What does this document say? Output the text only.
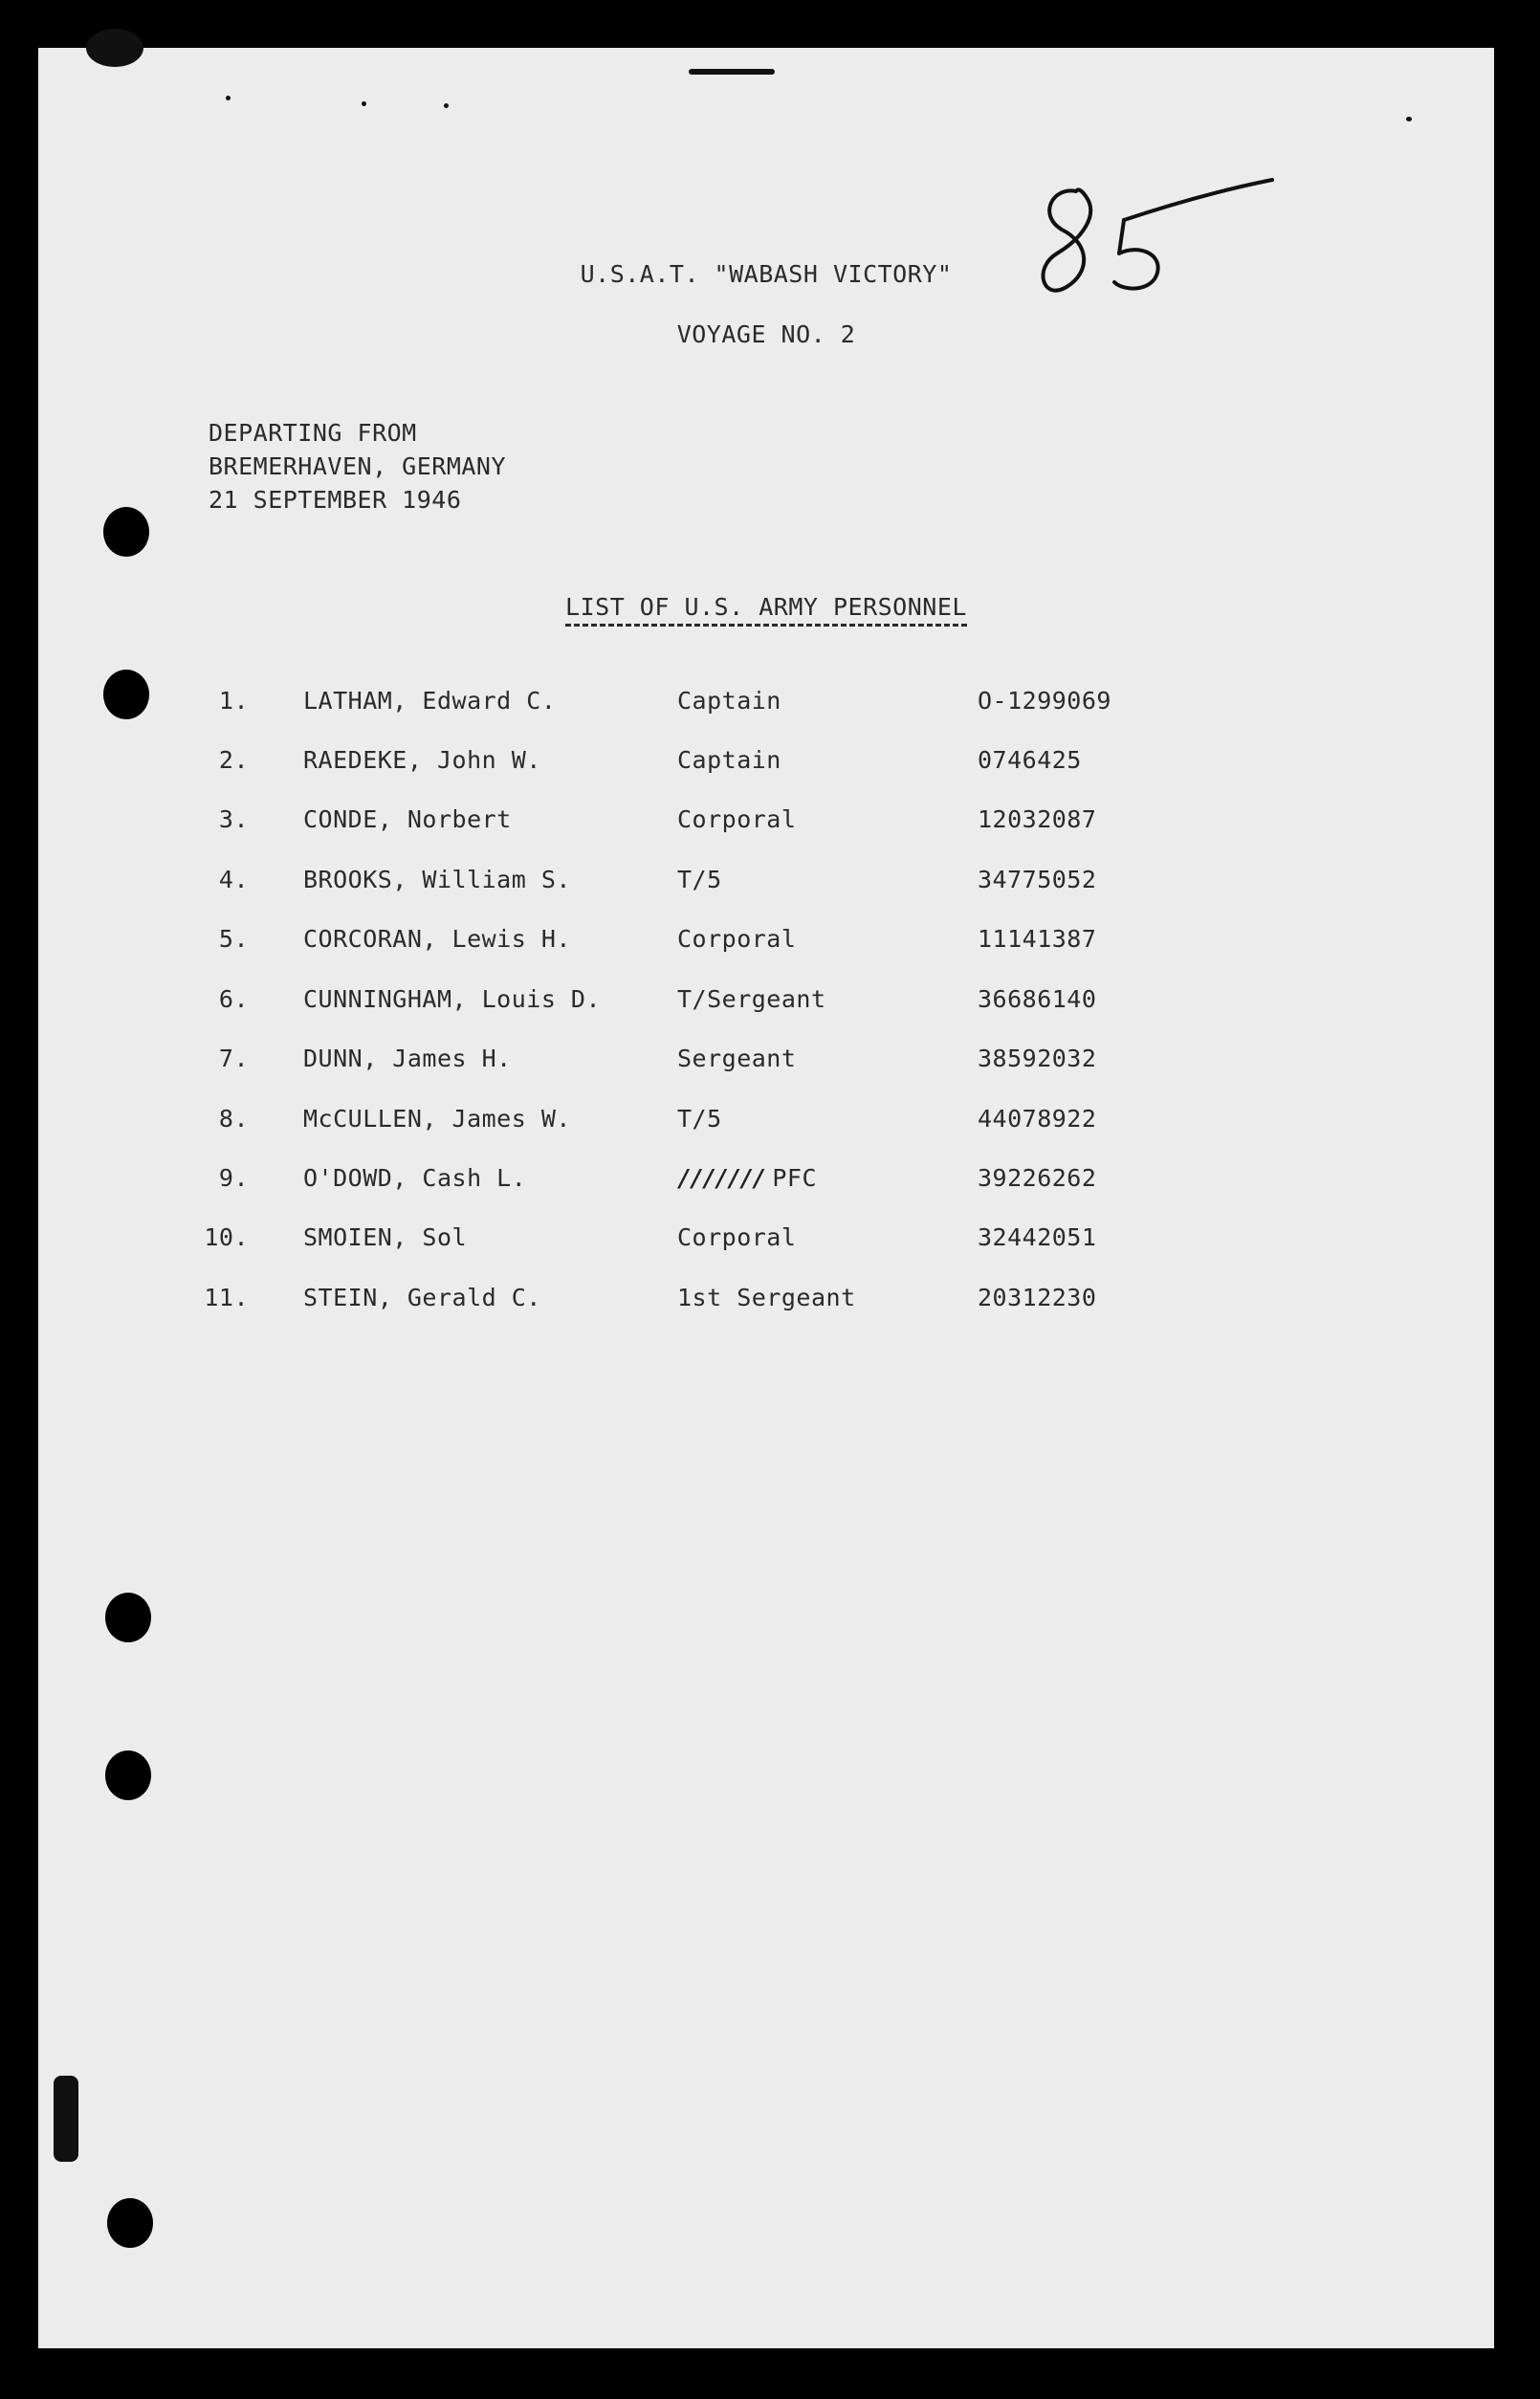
U.S.A.T. "WABASH VICTORY"
VOYAGE NO. 2
DEPARTING FROM
BREMERHAVEN, GERMANY
21 SEPTEMBER 1946
LIST OF U.S. ARMY PERSONNEL
1. LATHAM, Edward C.	Captain	O-1299069
2. RAEDEKE, John W.	Captain	0746425
3. CONDE, Norbert	Corporal	12032087
4. BROOKS, William S.	T/5	34775052
5. CORCORAN, Lewis H.	Corporal	11141387
6. CUNNINGHAM, Louis D.	T/Sergeant	36686140
7. DUNN, James H.	Sergeant	38592032
8. McCULLEN, James W.	T/5	44078922
9. O'DOWD, Cash L.	/////// PFC	39226262
10. SMOIEN, Sol	Corporal	32442051
11. STEIN, Gerald C.	1st Sergeant	20312230
